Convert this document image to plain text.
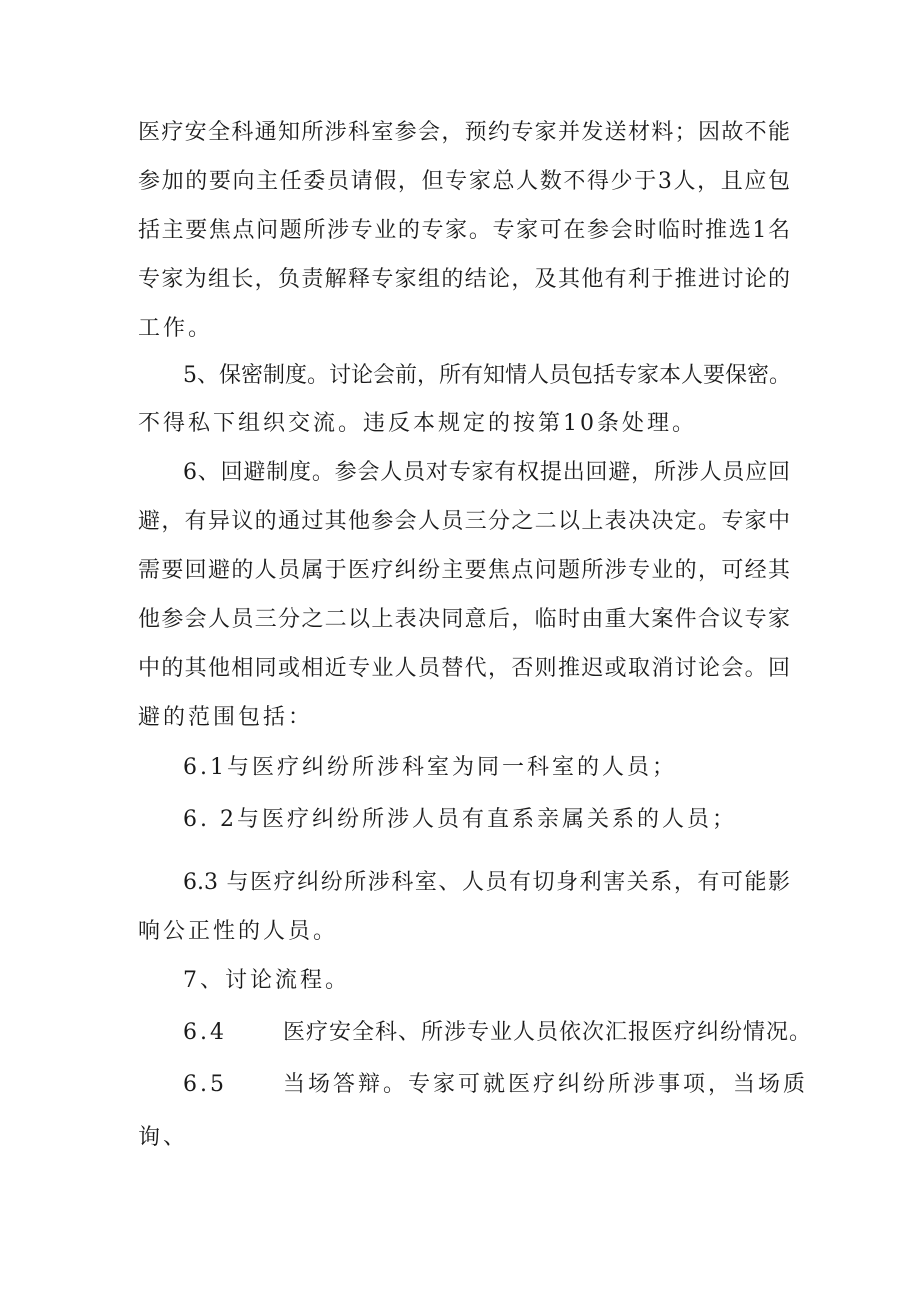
医疗安全科通知所涉科室参会，预约专家并发送材料；因故不能
参加的要向主任委员请假，但专家总人数不得少于3人，且应包
括主要焦点问题所涉专业的专家。专家可在参会时临时推选1名
专家为组长，负责解释专家组的结论，及其他有利于推进讨论的
工作。
5、保密制度。讨论会前，所有知情人员包括专家本人要保密。
不得私下组织交流。违反本规定的按第10条处理。
6、回避制度。参会人员对专家有权提出回避，所涉人员应回
避，有异议的通过其他参会人员三分之二以上表决决定。专家中
需要回避的人员属于医疗纠纷主要焦点问题所涉专业的，可经其
他参会人员三分之二以上表决同意后，临时由重大案件合议专家
中的其他相同或相近专业人员替代，否则推迟或取消讨论会。回
避的范围包括：
6.1与医疗纠纷所涉科室为同一科室的人员；
6. 2与医疗纠纷所涉人员有直系亲属关系的人员；
6.3 与医疗纠纷所涉科室、人员有切身利害关系，有可能影
响公正性的人员。
7、讨论流程。
6.4	医疗安全科、所涉专业人员依次汇报医疗纠纷情况。
6.5	当场答辩。专家可就医疗纠纷所涉事项，当场质
询、
